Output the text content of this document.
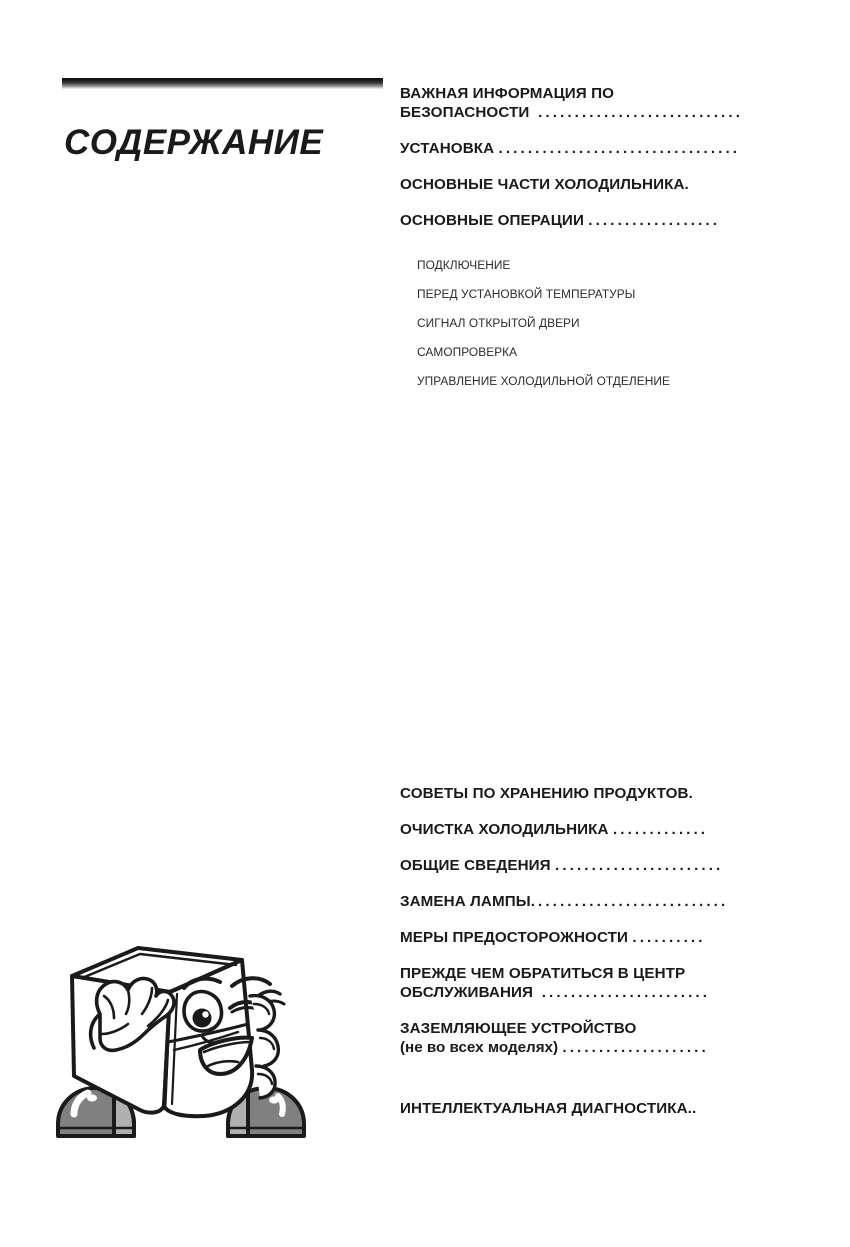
СОДЕРЖАНИЕ
ВАЖНАЯ ИНФОРМАЦИЯ ПО
БЕЗОПАСНОСТИ ............................
УСТАНОВКА .................................
ОСНОВНЫЕ ЧАСТИ ХОЛОДИЛЬНИКА.
ОСНОВНЫЕ ОПЕРАЦИИ ..................
ПОДКЛЮЧЕНИЕ
ПЕРЕД УСТАНОВКОЙ ТЕМПЕРАТУРЫ
СИГНАЛ ОТКРЫТОЙ ДВЕРИ
САМОПРОВЕРКА
УПРАВЛЕНИЕ ХОЛОДИЛЬНОЙ ОТДЕЛЕНИЕ
СОВЕТЫ ПО ХРАНЕНИЮ ПРОДУКТОВ.
ОЧИСТКА ХОЛОДИЛЬНИКА .............
ОБЩИЕ СВЕДЕНИЯ .......................
ЗАМЕНА ЛАМПЫ...........................
МЕРЫ ПРЕДОСТОРОЖНОСТИ ..........
ПРЕЖДЕ ЧЕМ ОБРАТИТЬСЯ В ЦЕНТР
ОБСЛУЖИВАНИЯ .......................
ЗАЗЕМЛЯЮЩЕЕ УСТРОЙСТВО
(не во всех моделях) ....................
ИНТЕЛЛЕКТУАЛЬНАЯ ДИАГНОСТИКА..
